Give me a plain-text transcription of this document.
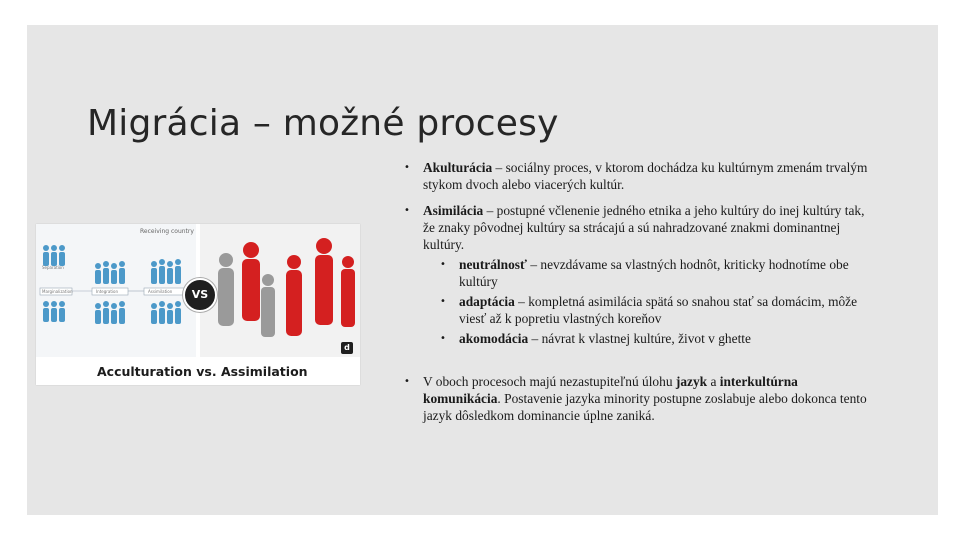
Migrácia – možné procesy
Receiving country
Separation
Integration
Marginalization	Assimilation	VS
d
Acculturation vs. Assimilation
• Akulturácia – sociálny proces, v ktorom dochádza ku kultúrnym zmenám trvalým stykom dvoch alebo viacerých kultúr.
• Asimilácia – postupné včlenenie jedného etnika a jeho kultúry do inej kultúry tak, že znaky pôvodnej kultúry sa strácajú a sú nahradzované znakmi dominantnej kultúry.
• neutrálnosť – nevzdávame sa vlastných hodnôt, kriticky hodnotíme obe kultúry
• adaptácia – kompletná asimilácia spätá so snahou stať sa domácim, môže viesť až k popretiu vlastných koreňov
• akomodácia – návrat k vlastnej kultúre, život v ghette
• V oboch procesoch majú nezastupiteľnú úlohu jazyk a interkultúrna komunikácia. Postavenie jazyka minority postupne zoslabuje alebo dokonca tento jazyk dôsledkom dominancie úplne zaniká.
